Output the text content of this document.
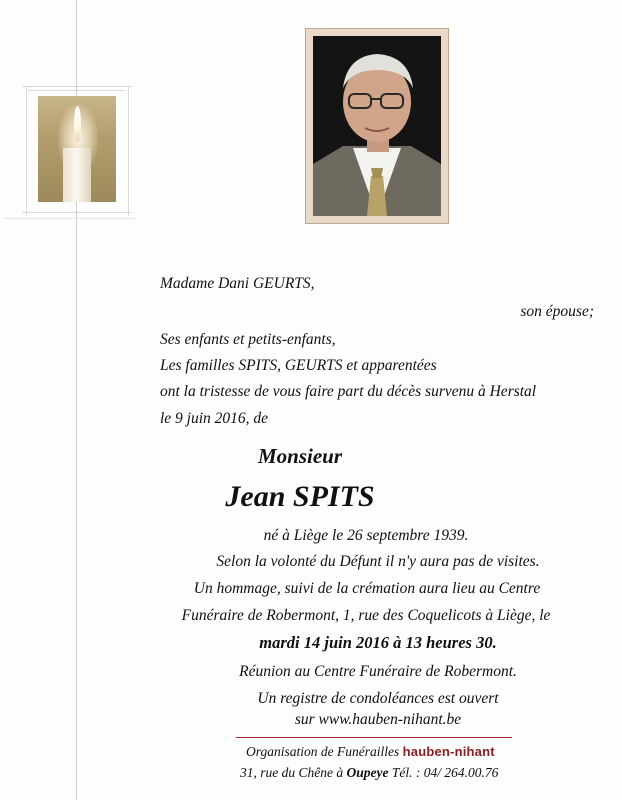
Madame Dani GEURTS,
son épouse;
Ses enfants et petits-enfants,
Les familles SPITS, GEURTS et apparentées
ont la tristesse de vous faire part du décès survenu à Herstal
le 9 juin 2016, de
Monsieur
Jean SPITS
né à Liège le 26 septembre 1939.
Selon la volonté du Défunt il n'y aura pas de visites.
Un hommage, suivi de la crémation aura lieu au Centre
Funéraire de Robermont, 1, rue des Coquelicots à Liège, le
mardi 14 juin 2016 à 13 heures 30.
Réunion au Centre Funéraire de Robermont.
Un registre de condoléances est ouvert
sur www.hauben-nihant.be
Organisation de Funérailles hauben-nihant
31, rue du Chêne à Oupeye Tél. : 04/ 264.00.76
